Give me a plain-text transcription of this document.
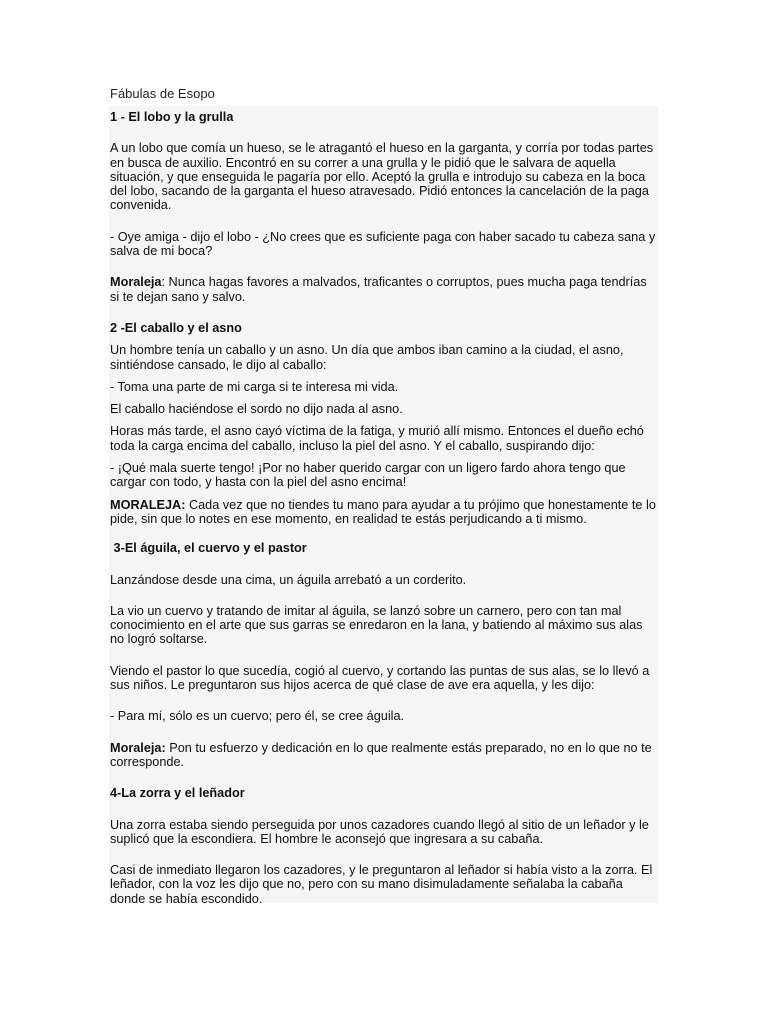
Fábulas de Esopo

1 - El lobo y la grulla

A un lobo que comía un hueso, se le atragantó el hueso en la garganta, y corría por todas partes en busca de auxilio. Encontró en su correr a una grulla y le pidió que le salvara de aquella situación, y que enseguida le pagaría por ello. Aceptó la grulla e introdujo su cabeza en la boca del lobo, sacando de la garganta el hueso atravesado. Pidió entonces la cancelación de la paga convenida.

- Oye amiga - dijo el lobo - ¿No crees que es suficiente paga con haber sacado tu cabeza sana y salva de mi boca?

Moraleja: Nunca hagas favores a malvados, traficantes o corruptos, pues mucha paga tendrías si te dejan sano y salvo.

2 -El caballo y el asno

Un hombre tenía un caballo y un asno. Un día que ambos iban camino a la ciudad, el asno, sintiéndose cansado, le dijo al caballo:

- Toma una parte de mi carga si te interesa mi vida.

El caballo haciéndose el sordo no dijo nada al asno.

Horas más tarde, el asno cayó víctima de la fatiga, y murió allí mismo. Entonces el dueño echó toda la carga encima del caballo, incluso la piel del asno. Y el caballo, suspirando dijo:

- ¡Qué mala suerte tengo! ¡Por no haber querido cargar con un ligero fardo ahora tengo que cargar con todo, y hasta con la piel del asno encima!

MORALEJA: Cada vez que no tiendes tu mano para ayudar a tu prójimo que honestamente te lo pide, sin que lo notes en ese momento, en realidad te estás perjudicando a ti mismo.

3-El águila, el cuervo y el pastor

Lanzándose desde una cima, un águila arrebató a un corderito.

La vio un cuervo y tratando de imitar al águila, se lanzó sobre un carnero, pero con tan mal conocimiento en el arte que sus garras se enredaron en la lana, y batiendo al máximo sus alas no logró soltarse.

Viendo el pastor lo que sucedía, cogió al cuervo, y cortando las puntas de sus alas, se lo llevó a sus niños. Le preguntaron sus hijos acerca de qué clase de ave era aquella, y les dijo:

- Para mí, sólo es un cuervo; pero él, se cree águila.

Moraleja: Pon tu esfuerzo y dedicación en lo que realmente estás preparado, no en lo que no te corresponde.

4-La zorra y el leñador

Una zorra estaba siendo perseguida por unos cazadores cuando llegó al sitio de un leñador y le suplicó que la escondiera. El hombre le aconsejó que ingresara a su cabaña.

Casi de inmediato llegaron los cazadores, y le preguntaron al leñador si había visto a la zorra. El leñador, con la voz les dijo que no, pero con su mano disimuladamente señalaba la cabaña donde se había escondido.
